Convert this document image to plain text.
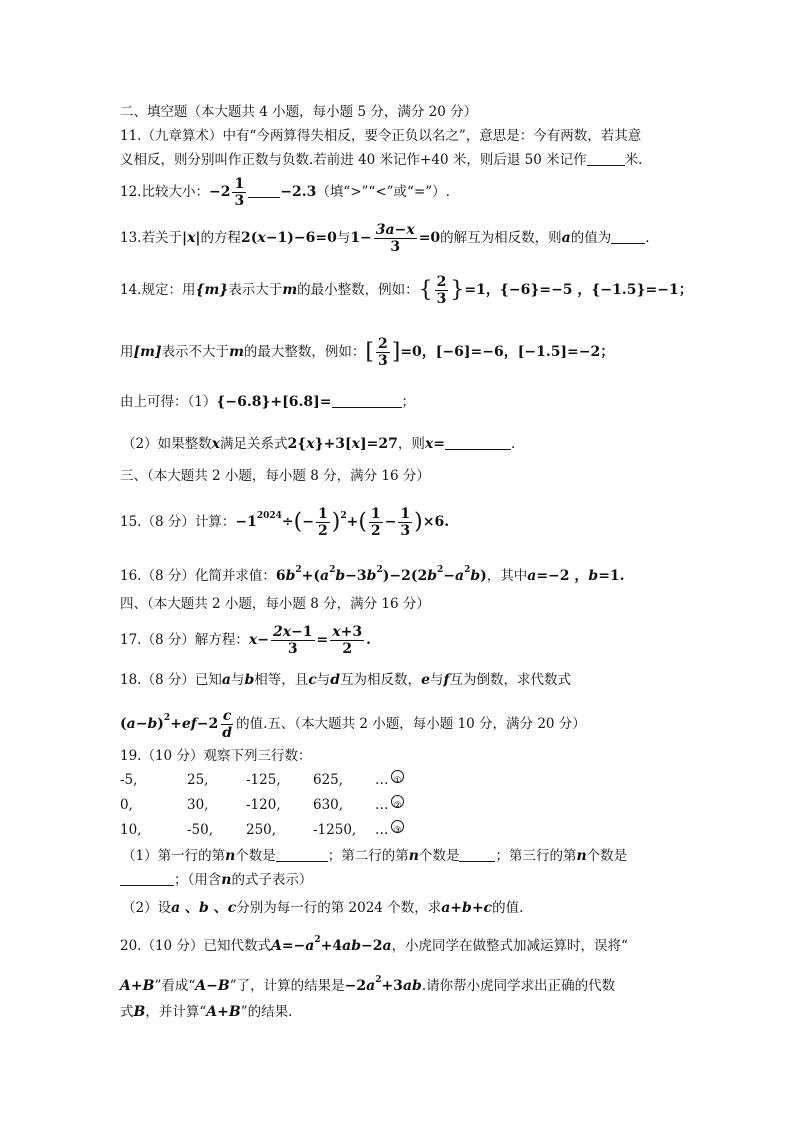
二、填空题（本大题共 4 小题，每小题 5 分，满分 20 分）
11.（九章算术）中有“今两算得失相反，要令正负以名之”，意思是：今有两数，若其意
义相反，则分别叫作正数与负数.若前进 40 米记作+40 米，则后退 50 米记作	米.
12.比较大小：$-2 \frac{1}{3} -2.3$（填“>”“<”或“=”）.
13.若关于|x|的方程2(x−1)−6=0与$1- \frac{3a-x}{3} =0$的解互为相反数，则a的值为	.
14.规定：用{m}表示大于m的最小整数，例如：{ $\frac{2}{3} \}=1$，{−6}=−5 ，{−1.5}=−1；
用[m]表示不大于m的最大整数，例如：[ $\frac{2}{3} ]=0$，[−6]=−6，[−1.5]=−2；
由上可得：（1）{−6.8}+[6.8]=	；
（2）如果整数x满足关系式2{x}+3[x]=27，则x=	.
三、（本大题共 2 小题，每小题 8 分，满分 16 分）
15.（8 分）计算：$-1^{2024}\div(- \frac{1}{2} )^2+( \frac{1}{2} - \frac{1}{3} )\times 6$.
16.（8 分）化简并求值：$6b^2+(a^2b-3b^2)-2(2b^2-a^2b)$，其中a=−2 ，b=1.
四、（本大题共 2 小题，每小题 8 分，满分 16 分）
17.（8 分）解方程：$x- \frac{2x-1}{3} = \frac{x+3}{2}$ .
18.（8 分）已知a与b相等，且c与d互为相反数，e与f互为倒数，求代数式
$(a-b)^2+ef-2 \frac{c}{d}$ 的值.五、（本大题共 2 小题，每小题 10 分，满分 20 分）
19.（10 分）观察下列三行数：
-5,	25,	-125, 625, … ①
0,	30,	-120, 630, … ②
10,	-50, 250,	-1250, … ③
（1）第一行的第n个数是	；第二行的第n个数是	；第三行的第n个数是
；（用含n的式子表示）
（2）设a 、b 、c分别为每一行的第 2024 个数，求a+b+c的值.
20.（10 分）已知代数式$A=-a^2+4ab-2a$，小虎同学在做整式加减运算时，误将“
A+B”看成“A−B”了，计算的结果是$-2a^2+3ab$.请你帮小虎同学求出正确的代数
式B，并计算“A+B”的结果.
